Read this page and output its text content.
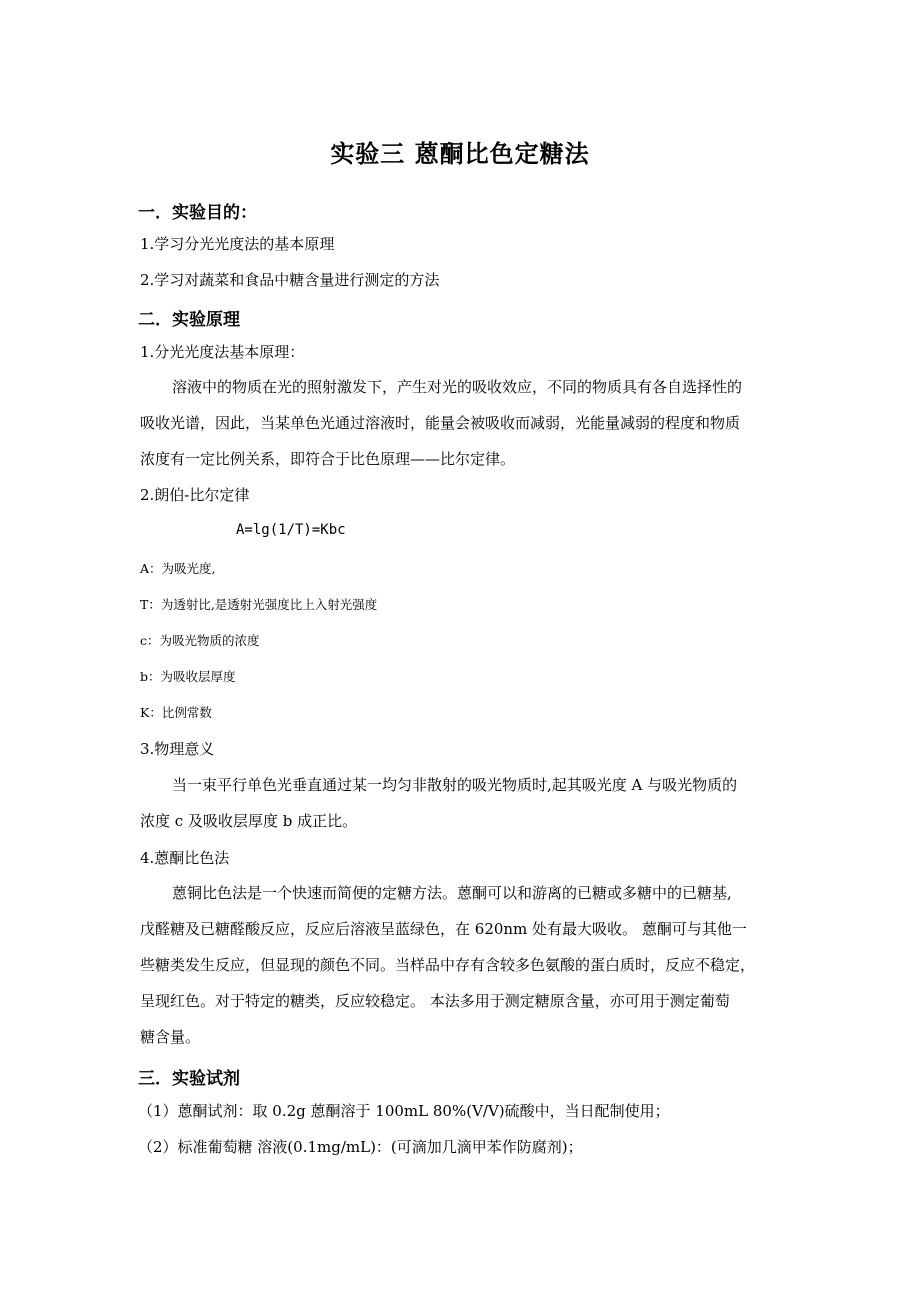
实验三 蒽酮比色定糖法
一．实验目的：
1.学习分光光度法的基本原理
2.学习对蔬菜和食品中糖含量进行测定的方法
二．实验原理
1.分光光度法基本原理：
溶液中的物质在光的照射激发下，产生对光的吸收效应，不同的物质具有各自选择性的
吸收光谱，因此，当某单色光通过溶液时，能量会被吸收而减弱，光能量减弱的程度和物质
浓度有一定比例关系，即符合于比色原理——比尔定律。
2.朗伯-比尔定律
A=lg(1/T)=Kbc
A：为吸光度,
T：为透射比,是透射光强度比上入射光强度
c：为吸光物质的浓度
b：为吸收层厚度
K：比例常数
3.物理意义
当一束平行单色光垂直通过某一均匀非散射的吸光物质时,起其吸光度 A 与吸光物质的
浓度 c 及吸收层厚度 b 成正比。
4.蒽酮比色法
蒽铜比色法是一个快速而简便的定糖方法。蒽酮可以和游离的已糖或多糖中的已糖基,
戊醛糖及已糖醛酸反应，反应后溶液呈蓝绿色，在 620nm 处有最大吸收。 蒽酮可与其他一
些糖类发生反应，但显现的颜色不同。当样品中存有含较多色氨酸的蛋白质时，反应不稳定，
呈现红色。对于特定的糖类，反应较稳定。 本法多用于测定糖原含量，亦可用于测定葡萄
糖含量。
三．实验试剂
（1）蒽酮试剂：取 0.2g 蒽酮溶于 100mL 80%(V/V)硫酸中，当日配制使用；
（2）标准葡萄糖 溶液(0.1mg/mL)：(可滴加几滴甲苯作防腐剂)；
